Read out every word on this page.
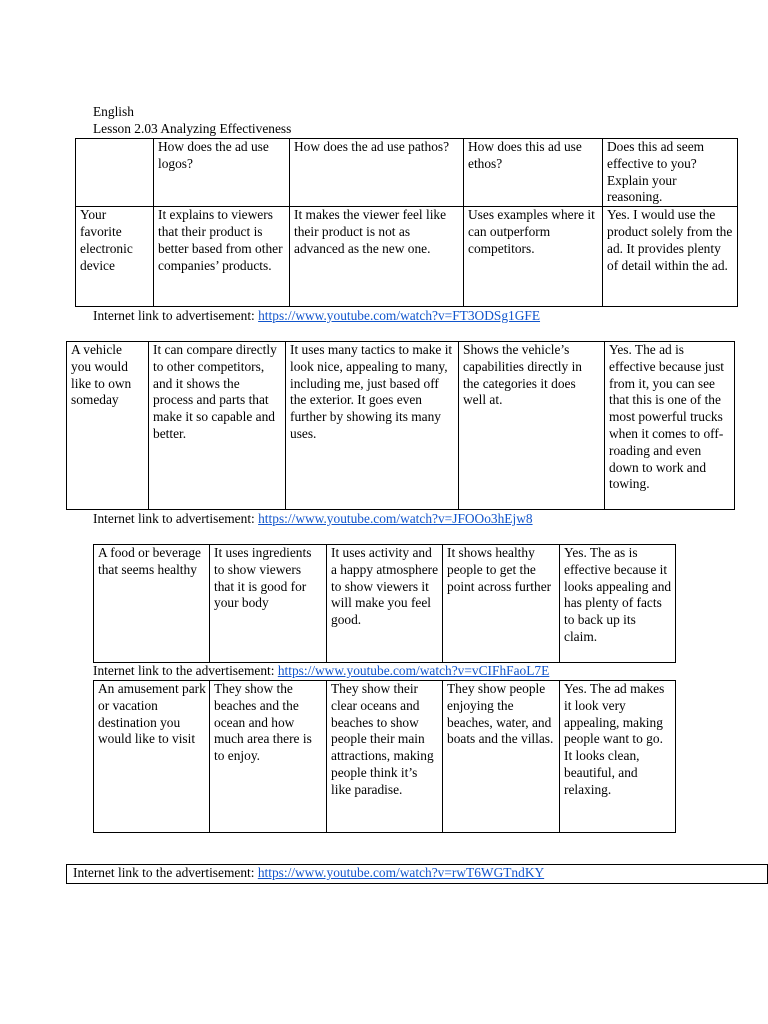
English
Lesson 2.03 Analyzing Effectiveness
	How does the ad use logos?	How does the ad use pathos?	How does this ad use ethos?	Does this ad seem effective to you? Explain your reasoning.
Your favorite electronic device	It explains to viewers that their product is better based from other companies’ products.	It makes the viewer feel like their product is not as advanced as the new one.	Uses examples where it can outperform competitors.	Yes. I would use the product solely from the ad. It provides plenty of detail within the ad.
Internet link to advertisement: https://www.youtube.com/watch?v=FT3ODSg1GFE
A vehicle you would like to own someday	It can compare directly to other competitors, and it shows the process and parts that make it so capable and better.	It uses many tactics to make it look nice, appealing to many, including me, just based off the exterior. It goes even further by showing its many uses.	Shows the vehicle’s capabilities directly in the categories it does well at.	Yes. The ad is effective because just from it, you can see that this is one of the most powerful trucks when it comes to off-roading and even down to work and towing.
Internet link to advertisement: https://www.youtube.com/watch?v=JFOOo3hEjw8
A food or beverage that seems healthy	It uses ingredients to show viewers that it is good for your body	It uses activity and a happy atmosphere to show viewers it will make you feel good.	It shows healthy people to get the point across further	Yes. The as is effective because it looks appealing and has plenty of facts to back up its claim.
Internet link to the advertisement: https://www.youtube.com/watch?v=vCIFhFaoL7E
An amusement park or vacation destination you would like to visit	They show the beaches and the ocean and how much area there is to enjoy.	They show their clear oceans and beaches to show people their main attractions, making people think it’s like paradise.	They show people enjoying the beaches, water, and boats and the villas.	Yes. The ad makes it look very appealing, making people want to go. It looks clean, beautiful, and relaxing.
Internet link to the advertisement: https://www.youtube.com/watch?v=rwT6WGTndKY
